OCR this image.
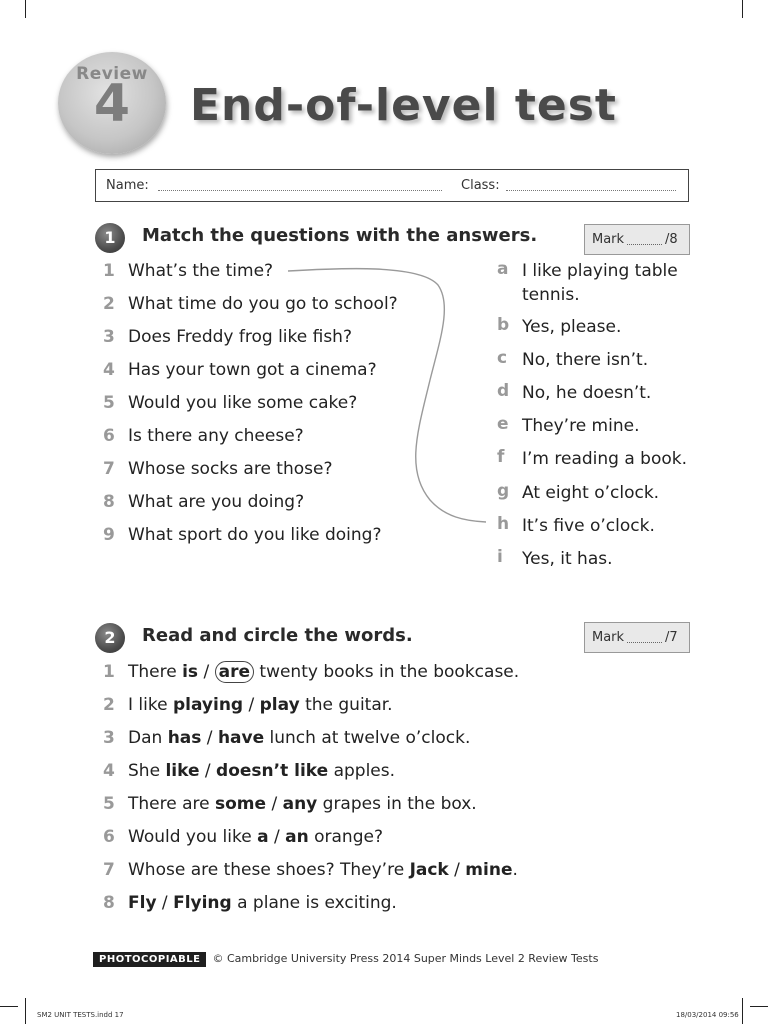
Review
4	End-of-level test
Name:	Class:
1	Match the questions with the answers.	Mark	/8
1 What’s the time?
2 What time do you go to school?
3 Does Freddy frog like fish?
4 Has your town got a cinema?
5 Would you like some cake?
6 Is there any cheese?
7 Whose socks are those?
8 What are you doing?
9 What sport do you like doing?
a I like playing table tennis.
b Yes, please.
c No, there isn’t.
d No, he doesn’t.
e They’re mine.
f I’m reading a book.
g At eight o’clock.
h It’s five o’clock.
i Yes, it has.
2	Read and circle the words.	Mark	/7
1 There is / are twenty books in the bookcase.
2 I like playing / play the guitar.
3 Dan has / have lunch at twelve o’clock.
4 She like / doesn’t like apples.
5 There are some / any grapes in the box.
6 Would you like a / an orange?
7 Whose are these shoes? They’re Jack / mine.
8 Fly / Flying a plane is exciting.
PHOTOCOPIABLE © Cambridge University Press 2014 Super Minds Level 2 Review Tests
SM2 UNIT TESTS.indd 17	18/03/2014 09:56
